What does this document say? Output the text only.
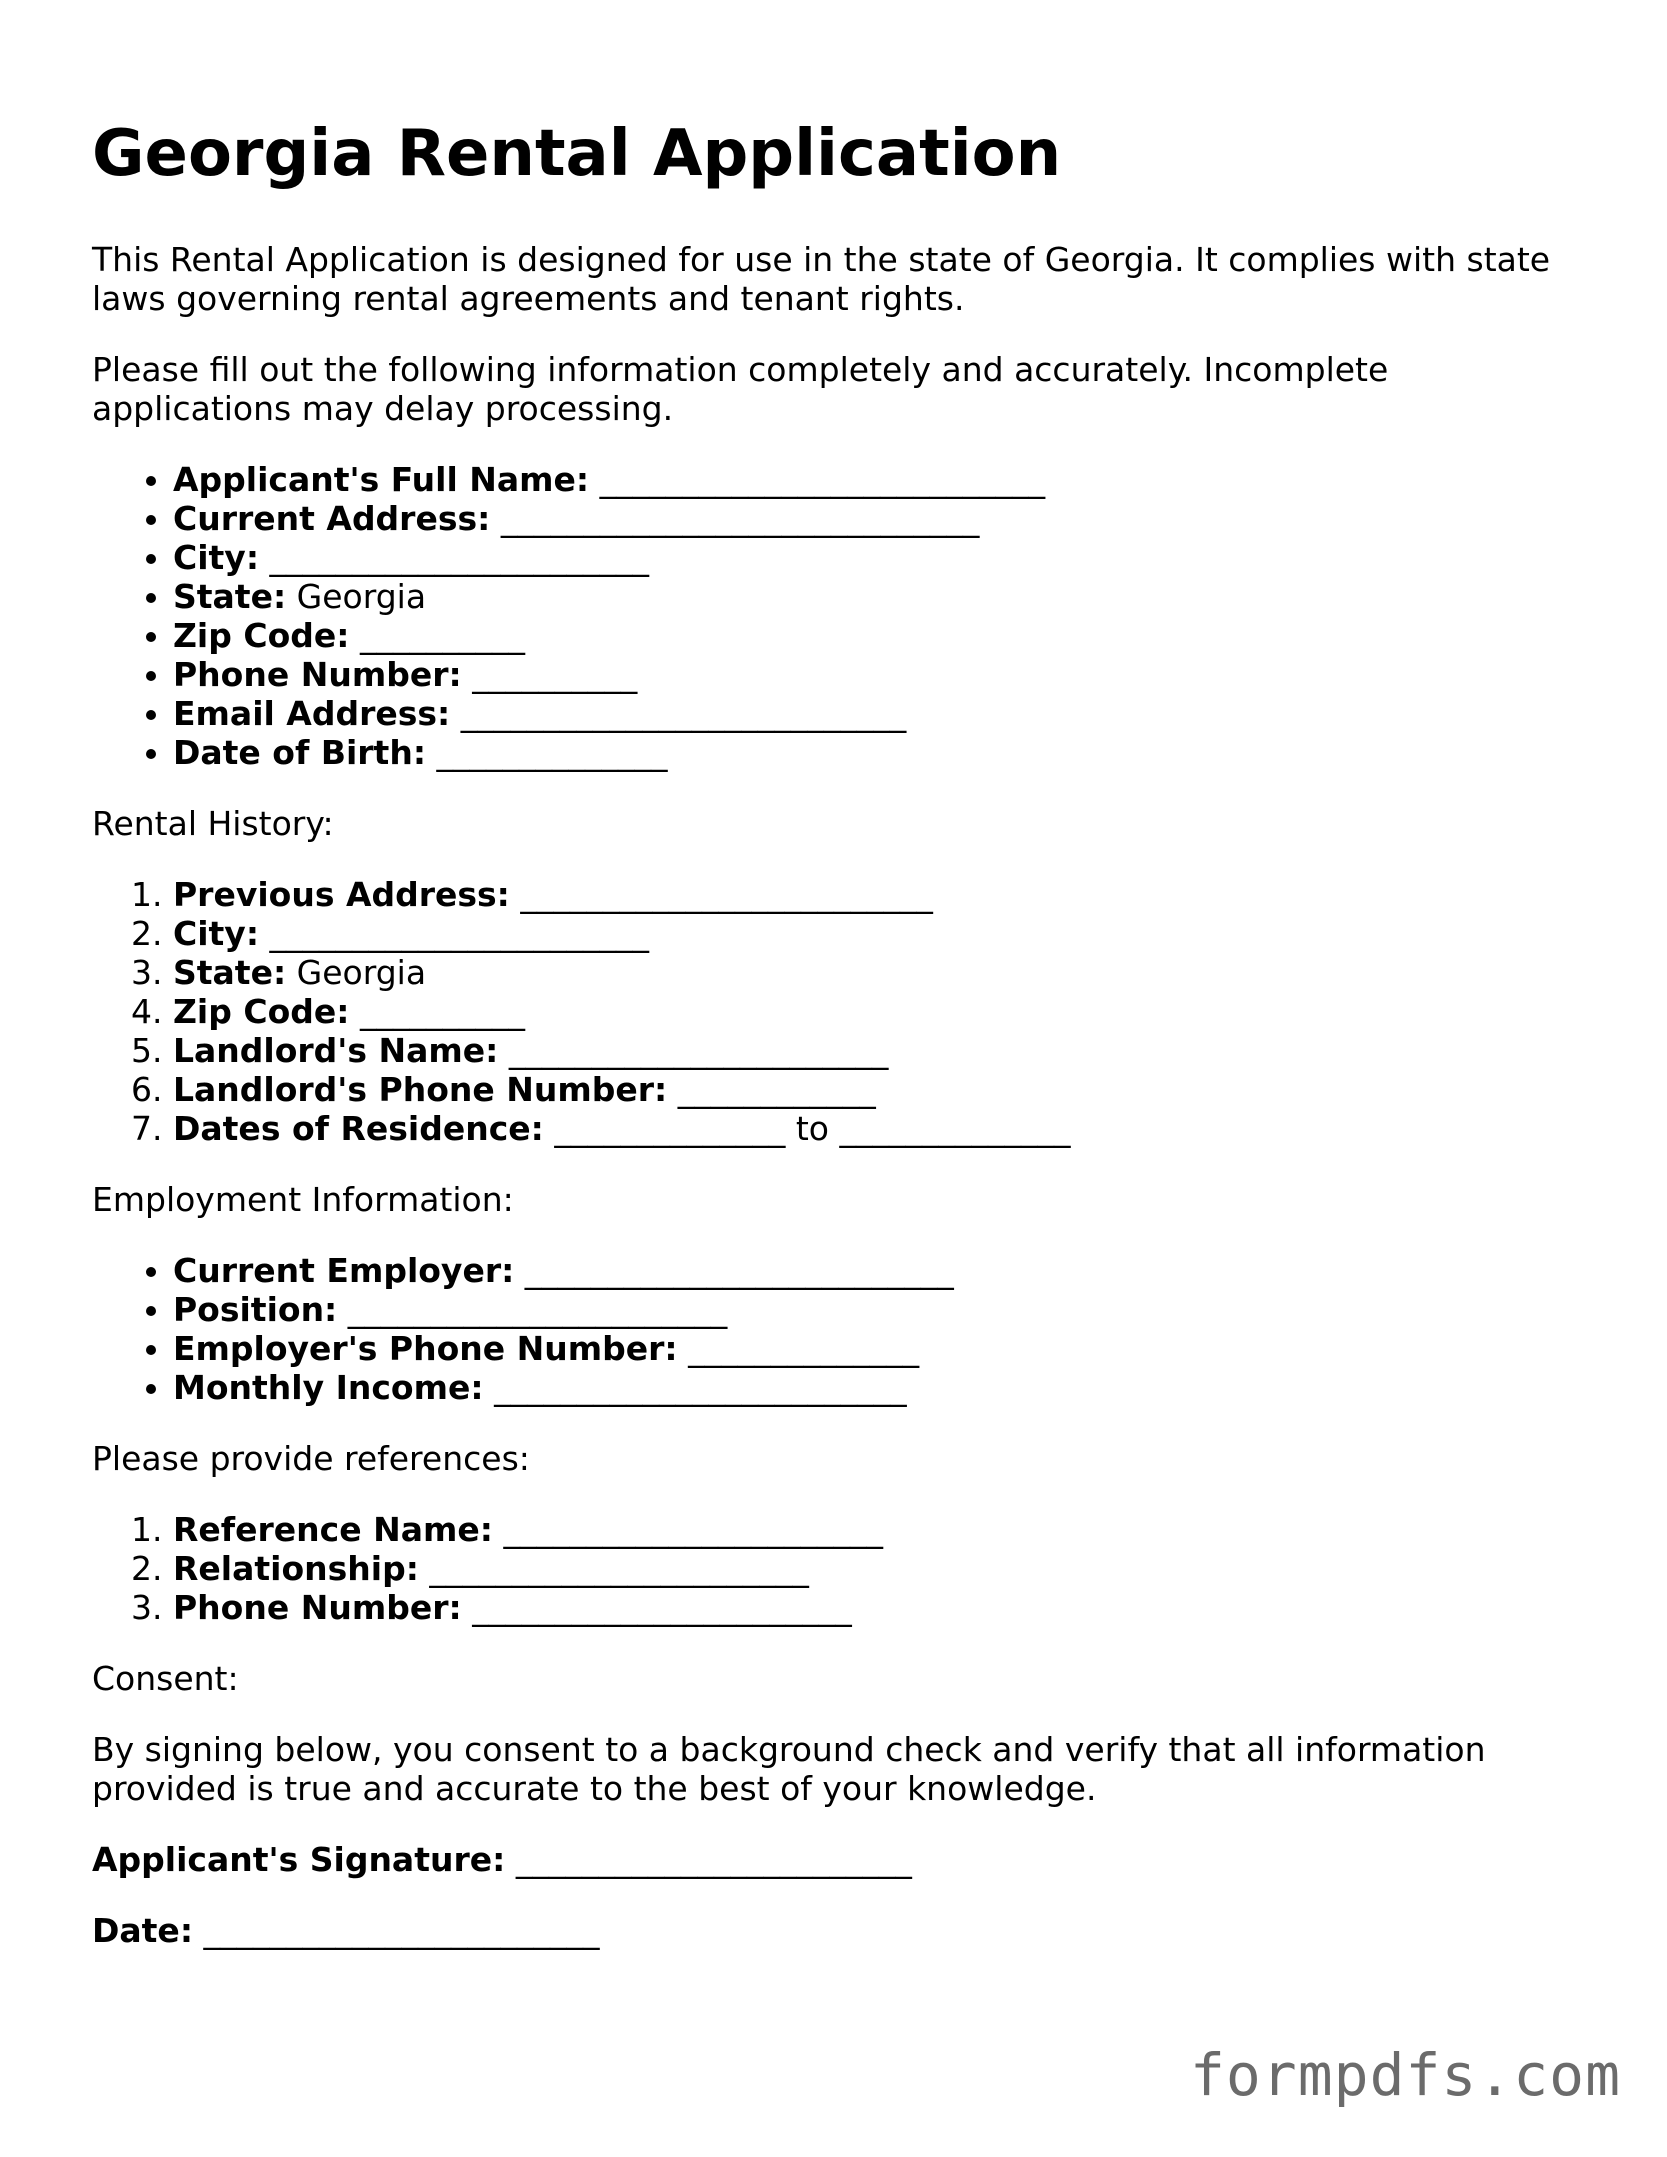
Georgia Rental Application

This Rental Application is designed for use in the state of Georgia. It complies with state laws governing rental agreements and tenant rights.

Please fill out the following information completely and accurately. Incomplete applications may delay processing.

• Applicant's Full Name: ___________________________
• Current Address: _____________________________
• City: _______________________
• State: Georgia
• Zip Code: __________
• Phone Number: __________
• Email Address: ___________________________
• Date of Birth: ______________

Rental History:

1. Previous Address: _________________________
2. City: _______________________
3. State: Georgia
4. Zip Code: __________
5. Landlord's Name: _______________________
6. Landlord's Phone Number: ____________
7. Dates of Residence: ______________ to ______________

Employment Information:

• Current Employer: __________________________
• Position: _______________________
• Employer's Phone Number: ______________
• Monthly Income: _________________________

Please provide references:

1. Reference Name: _______________________
2. Relationship: _______________________
3. Phone Number: _______________________

Consent:

By signing below, you consent to a background check and verify that all information provided is true and accurate to the best of your knowledge.

Applicant's Signature: ________________________
Date: ________________________
formpdfs.com
